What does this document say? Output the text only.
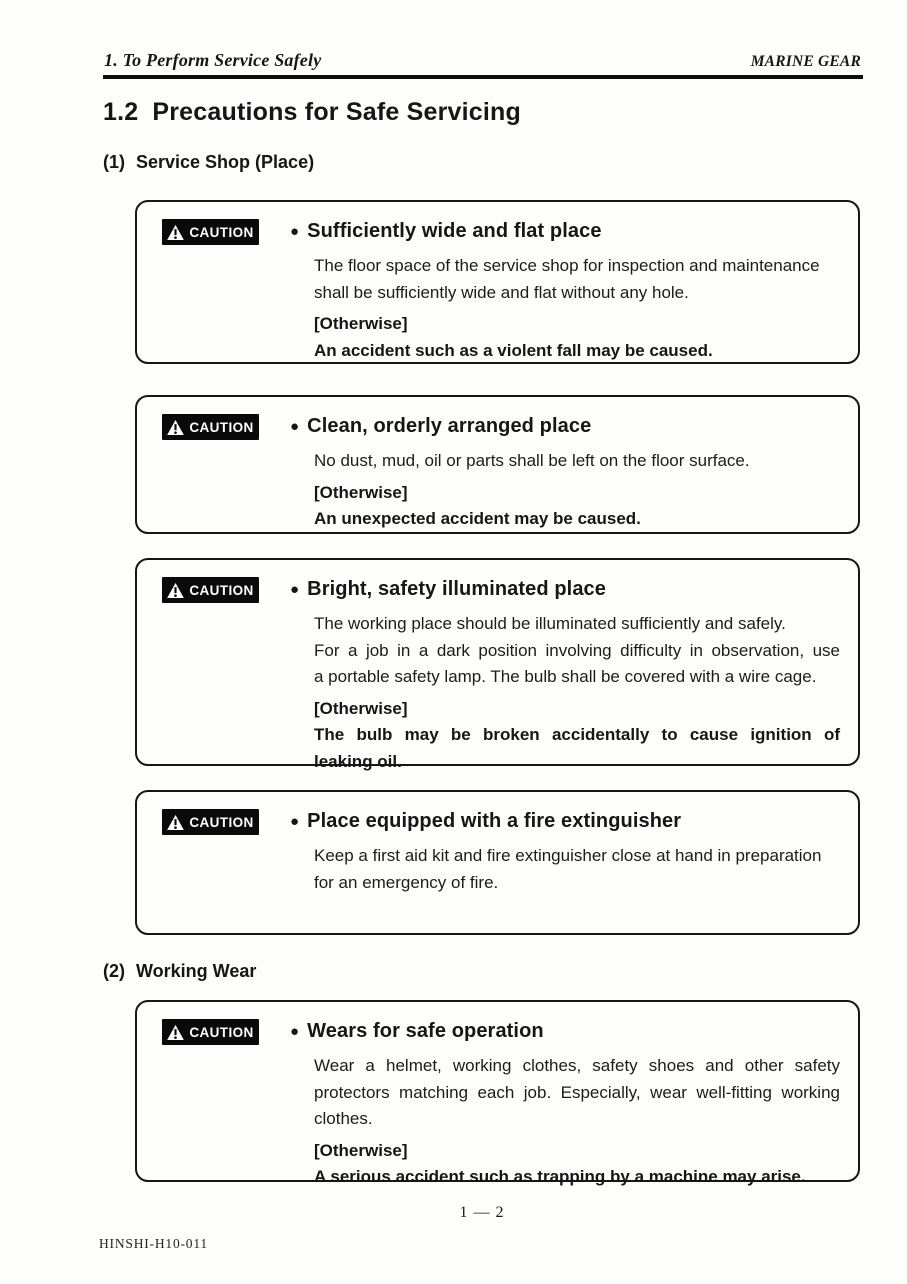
1. To Perform Service Safely	MARINE GEAR
1.2 Precautions for Safe Servicing
(1) Service Shop (Place)
CAUTION ● Sufficiently wide and flat place
The floor space of the service shop for inspection and maintenance
shall be sufficiently wide and flat without any hole.
[Otherwise]
An accident such as a violent fall may be caused.
CAUTION ● Clean, orderly arranged place
No dust, mud, oil or parts shall be left on the floor surface.
[Otherwise]
An unexpected accident may be caused.
CAUTION ● Bright, safety illuminated place
The working place should be illuminated sufficiently and safely.
For a job in a dark position involving difficulty in observation, use
a portable safety lamp. The bulb shall be covered with a wire cage.
[Otherwise]
The bulb may be broken accidentally to cause ignition of
leaking oil.
CAUTION ● Place equipped with a fire extinguisher
Keep a first aid kit and fire extinguisher close at hand in preparation
for an emergency of fire.
(2) Working Wear
CAUTION ● Wears for safe operation
Wear a helmet, working clothes, safety shoes and other safety
protectors matching each job. Especially, wear well-fitting working
clothes.
[Otherwise]
A serious accident such as trapping by a machine may arise.
1 — 2
HINSHI-H10-011
